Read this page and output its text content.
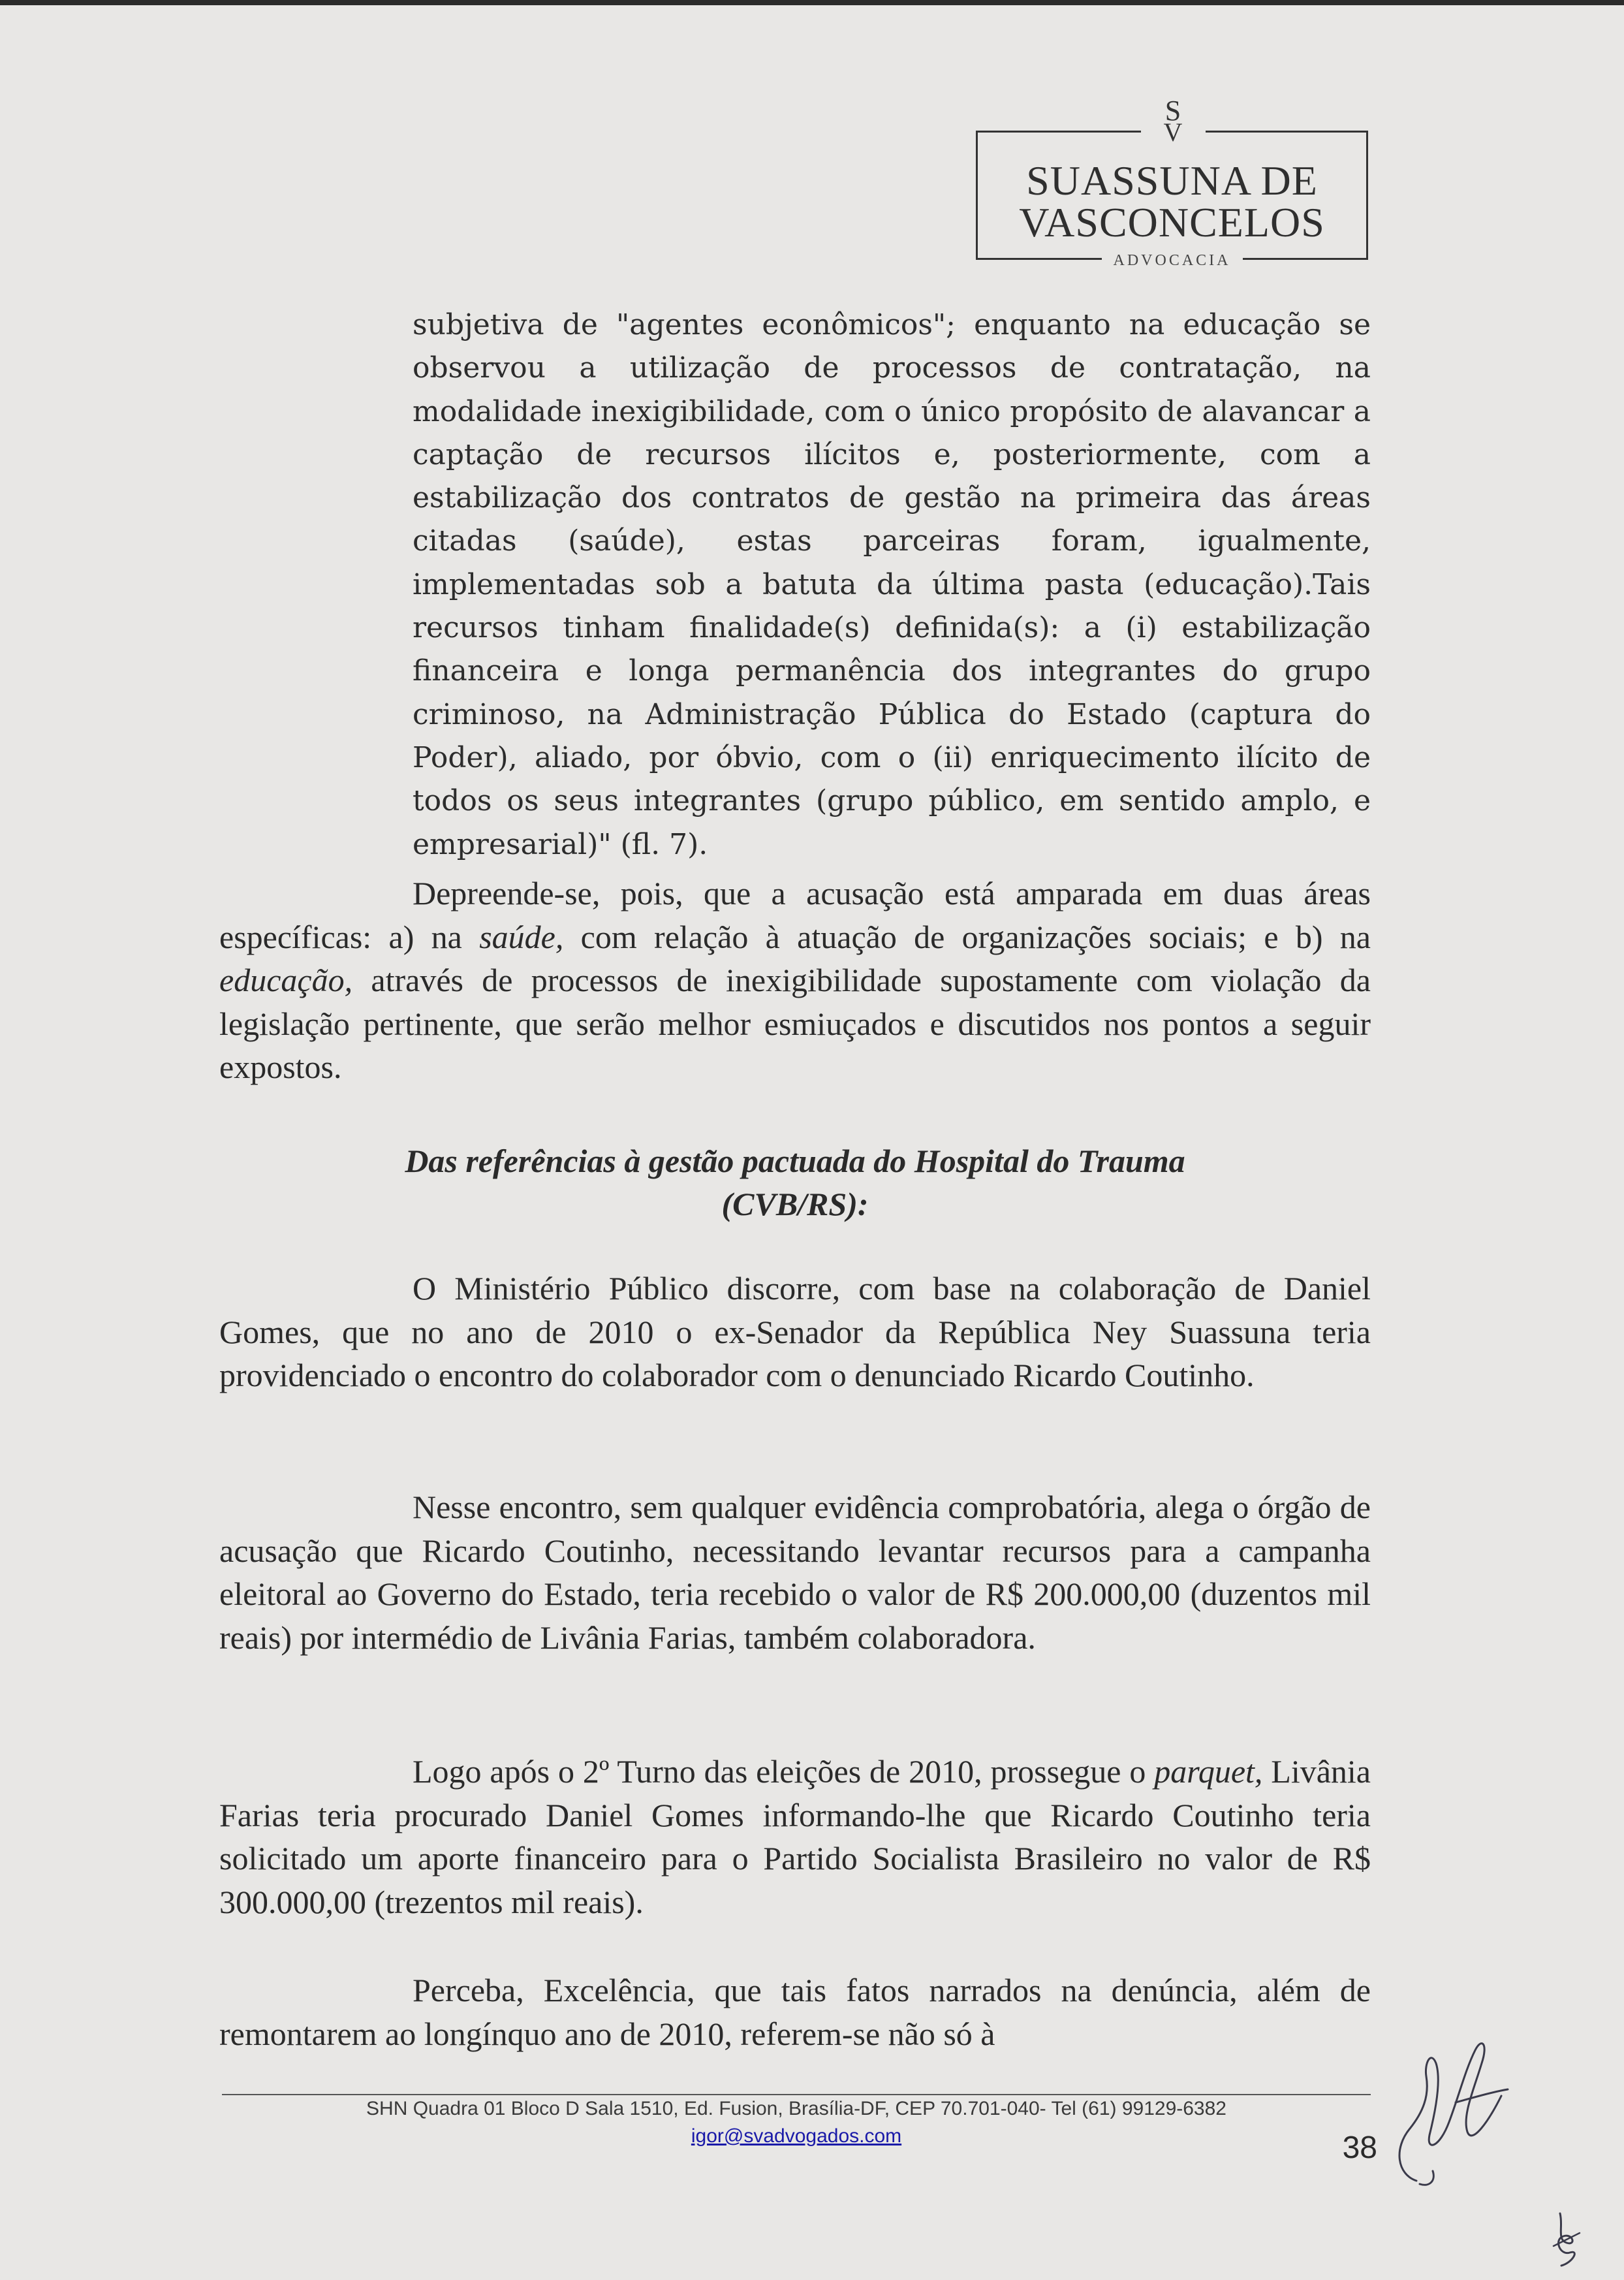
S
V
SUASSUNA DE
VASCONCELOS
ADVOCACIA

subjetiva de "agentes econômicos"; enquanto na educação se observou a utilização de processos de contratação, na modalidade inexigibilidade, com o único propósito de alavancar a captação de recursos ilícitos e, posteriormente, com a estabilização dos contratos de gestão na primeira das áreas citadas (saúde), estas parceiras foram, igualmente, implementadas sob a batuta da última pasta (educação).Tais recursos tinham finalidade(s) definida(s): a (i) estabilização financeira e longa permanência dos integrantes do grupo criminoso, na Administração Pública do Estado (captura do Poder), aliado, por óbvio, com o (ii) enriquecimento ilícito de todos os seus integrantes (grupo público, em sentido amplo, e empresarial)" (fl. 7).

Depreende-se, pois, que a acusação está amparada em duas áreas específicas: a) na saúde, com relação à atuação de organizações sociais; e b) na educação, através de processos de inexigibilidade supostamente com violação da legislação pertinente, que serão melhor esmiuçados e discutidos nos pontos a seguir expostos.

Das referências à gestão pactuada do Hospital do Trauma
(CVB/RS):

O Ministério Público discorre, com base na colaboração de Daniel Gomes, que no ano de 2010 o ex-Senador da República Ney Suassuna teria providenciado o encontro do colaborador com o denunciado Ricardo Coutinho.

Nesse encontro, sem qualquer evidência comprobatória, alega o órgão de acusação que Ricardo Coutinho, necessitando levantar recursos para a campanha eleitoral ao Governo do Estado, teria recebido o valor de R$ 200.000,00 (duzentos mil reais) por intermédio de Livânia Farias, também colaboradora.

Logo após o 2º Turno das eleições de 2010, prossegue o parquet, Livânia Farias teria procurado Daniel Gomes informando-lhe que Ricardo Coutinho teria solicitado um aporte financeiro para o Partido Socialista Brasileiro no valor de R$ 300.000,00 (trezentos mil reais).

Perceba, Excelência, que tais fatos narrados na denúncia, além de remontarem ao longínquo ano de 2010, referem-se não só à

SHN Quadra 01 Bloco D Sala 1510, Ed. Fusion, Brasília-DF, CEP 70.701-040- Tel (61) 99129-6382
igor@svadvogados.com	38
